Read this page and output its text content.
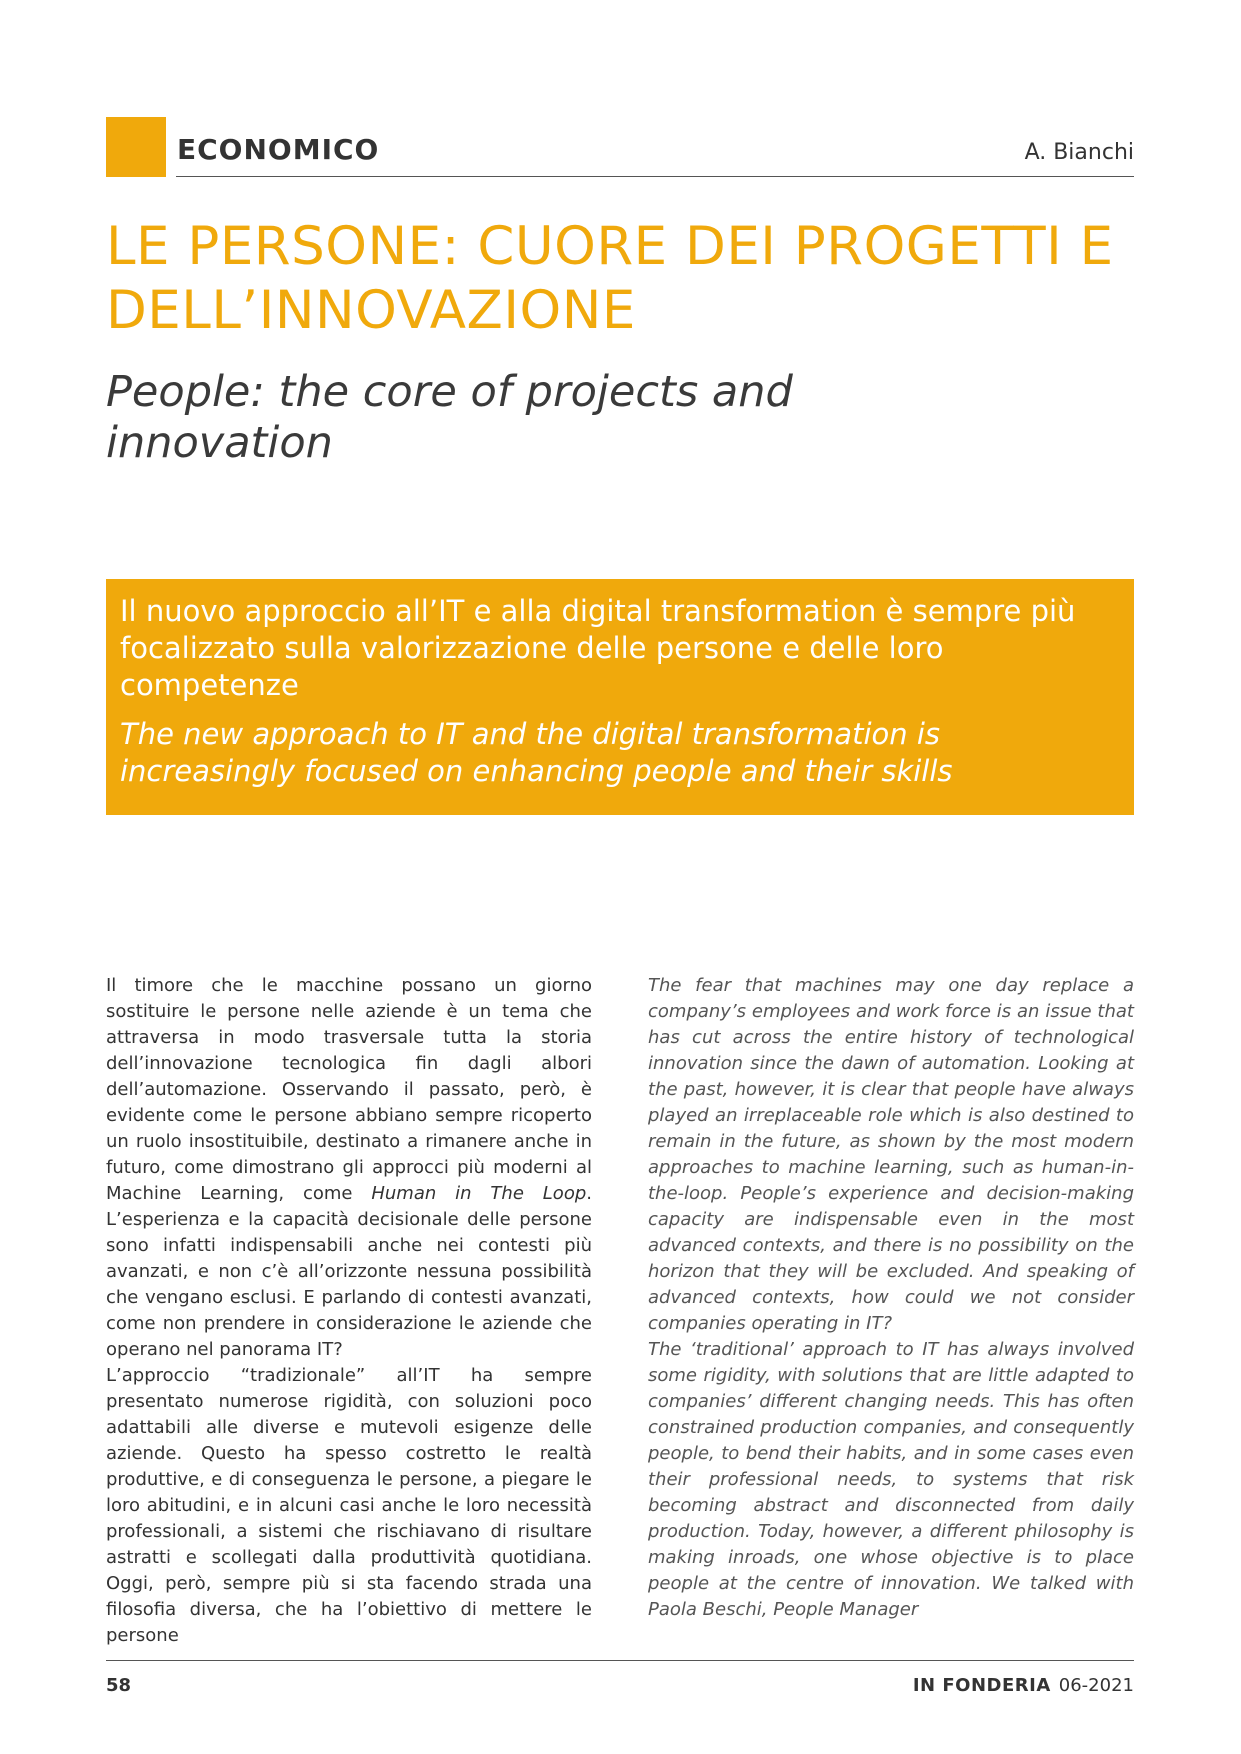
ECONOMICO	A. Bianchi
LE PERSONE: CUORE DEI PROGETTI E DELL’INNOVAZIONE
People: the core of projects and innovation

Il nuovo approccio all’IT e alla digital transformation è sempre più focalizzato sulla valorizzazione delle persone e delle loro competenze

The new approach to IT and the digital transformation is increasingly focused on enhancing people and their skills

Il timore che le macchine possano un giorno sostituire le persone nelle aziende è un tema che attraversa in modo trasversale tutta la storia dell’innovazione tecnologica fin dagli albori dell’automazione. Osservando il passato, però, è evidente come le persone abbiano sempre ricoperto un ruolo insostituibile, destinato a rimanere anche in futuro, come dimostrano gli approcci più moderni al Machine Learning, come Human in The Loop. L’esperienza e la capacità decisionale delle persone sono infatti indispensabili anche nei contesti più avanzati, e non c’è all’orizzonte nessuna possibilità che vengano esclusi. E parlando di contesti avanzati, come non prendere in considerazione le aziende che operano nel panorama IT?

L’approccio “tradizionale” all’IT ha sempre presentato numerose rigidità, con soluzioni poco adattabili alle diverse e mutevoli esigenze delle aziende. Questo ha spesso costretto le realtà produttive, e di conseguenza le persone, a piegare le loro abitudini, e in alcuni casi anche le loro necessità professionali, a sistemi che rischiavano di risultare astratti e scollegati dalla produttività quotidiana. Oggi, però, sempre più si sta facendo strada una filosofia diversa, che ha l’obiettivo di mettere le persone

The fear that machines may one day replace a company’s employees and work force is an issue that has cut across the entire history of technological innovation since the dawn of automation. Looking at the past, however, it is clear that people have always played an irreplaceable role which is also destined to remain in the future, as shown by the most modern approaches to machine learning, such as human-in-the-loop. People’s experience and decision-making capacity are indispensable even in the most advanced contexts, and there is no possibility on the horizon that they will be excluded. And speaking of advanced contexts, how could we not consider companies operating in IT?

The ‘traditional’ approach to IT has always involved some rigidity, with solutions that are little adapted to companies’ different changing needs. This has often constrained production companies, and consequently people, to bend their habits, and in some cases even their professional needs, to systems that risk becoming abstract and disconnected from daily production. Today, however, a different philosophy is making inroads, one whose objective is to place people at the centre of innovation. We talked with Paola Beschi, People Manager

58	IN FONDERIA 06-2021
